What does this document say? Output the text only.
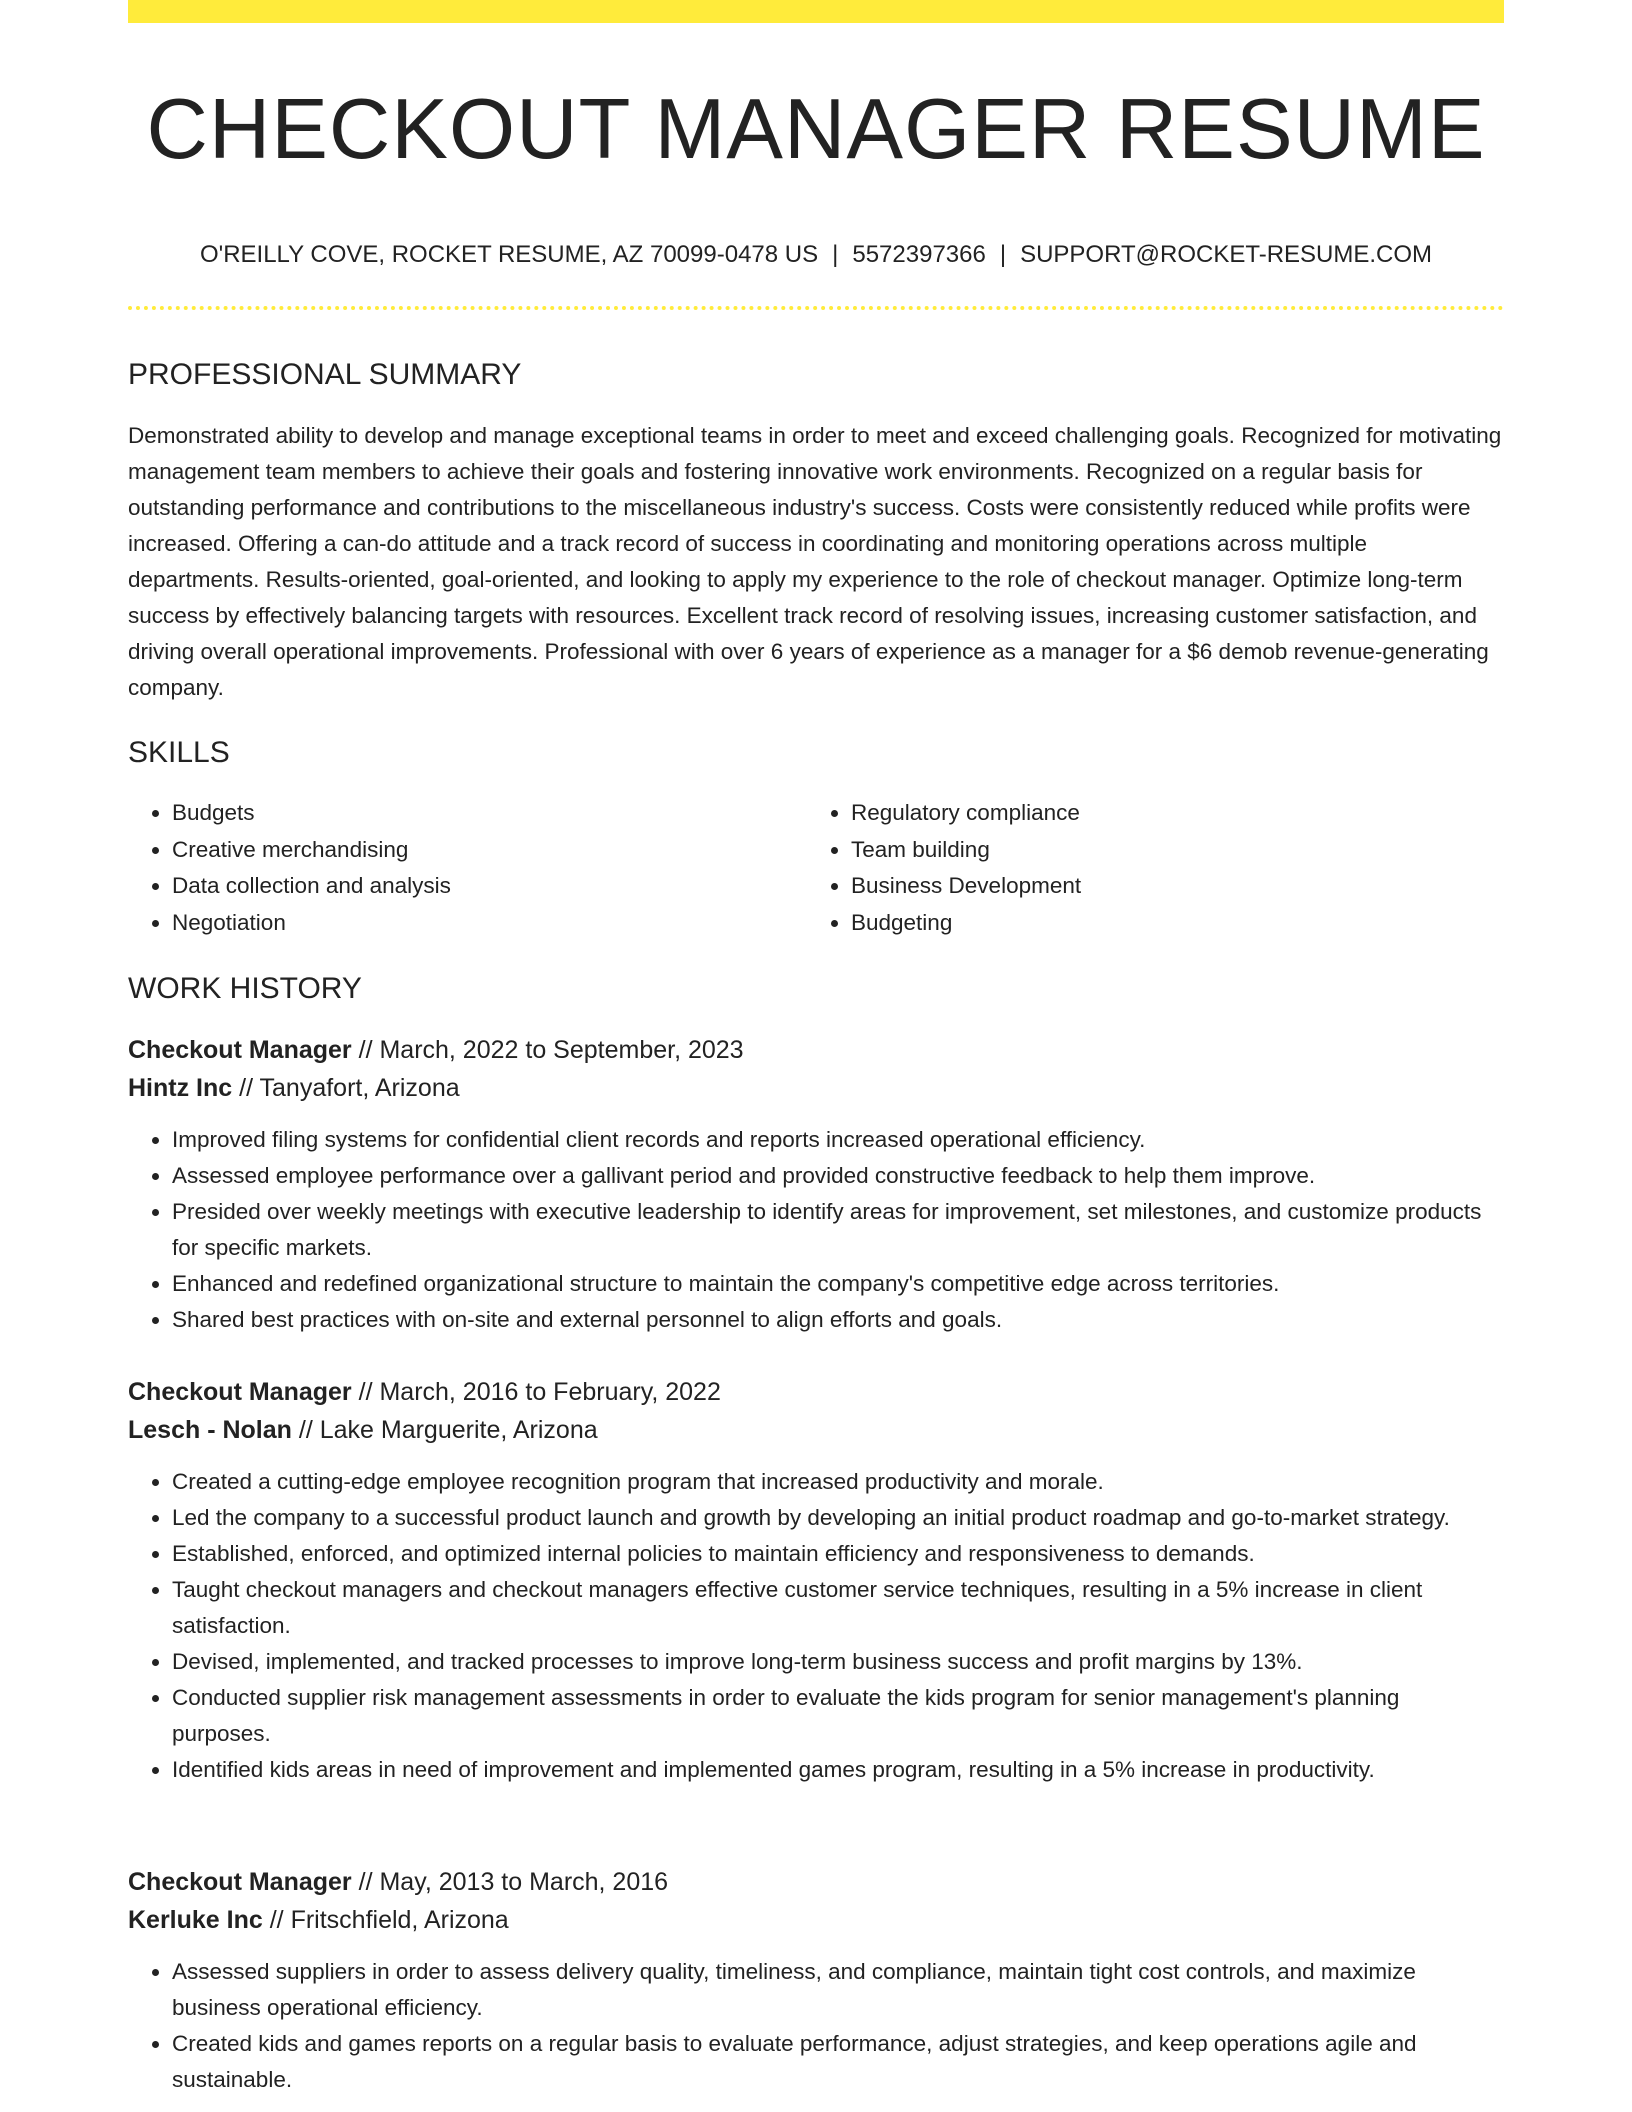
CHECKOUT MANAGER RESUME
O'REILLY COVE, ROCKET RESUME, AZ 70099-0478 US | 5572397366 | SUPPORT@ROCKET-RESUME.COM
PROFESSIONAL SUMMARY

Demonstrated ability to develop and manage exceptional teams in order to meet and exceed challenging goals. Recognized for motivating management team members to achieve their goals and fostering innovative work environments. Recognized on a regular basis for outstanding performance and contributions to the miscellaneous industry's success. Costs were consistently reduced while profits were increased. Offering a can-do attitude and a track record of success in coordinating and monitoring operations across multiple departments. Results-oriented, goal-oriented, and looking to apply my experience to the role of checkout manager. Optimize long-term success by effectively balancing targets with resources. Excellent track record of resolving issues, increasing customer satisfaction, and driving overall operational improvements. Professional with over 6 years of experience as a manager for a $6 demob revenue-generating company.

SKILLS
• Budgets
• Creative merchandising
• Data collection and analysis
• Negotiation
• Regulatory compliance
• Team building
• Business Development
• Budgeting
WORK HISTORY

Checkout Manager // March, 2022 to September, 2023

Hintz Inc // Tanyafort, Arizona

• Improved filing systems for confidential client records and reports increased operational efficiency.
• Assessed employee performance over a gallivant period and provided constructive feedback to help them improve.
• Presided over weekly meetings with executive leadership to identify areas for improvement, set milestones, and customize products for specific markets.
• Enhanced and redefined organizational structure to maintain the company's competitive edge across territories.
• Shared best practices with on-site and external personnel to align efforts and goals.

Checkout Manager // March, 2016 to February, 2022

Lesch - Nolan // Lake Marguerite, Arizona

• Created a cutting-edge employee recognition program that increased productivity and morale.
• Led the company to a successful product launch and growth by developing an initial product roadmap and go-to-market strategy.
• Established, enforced, and optimized internal policies to maintain efficiency and responsiveness to demands.
• Taught checkout managers and checkout managers effective customer service techniques, resulting in a 5% increase in client satisfaction.
• Devised, implemented, and tracked processes to improve long-term business success and profit margins by 13%.
• Conducted supplier risk management assessments in order to evaluate the kids program for senior management's planning purposes.
• Identified kids areas in need of improvement and implemented games program, resulting in a 5% increase in productivity.

Checkout Manager // May, 2013 to March, 2016

Kerluke Inc // Fritschfield, Arizona

• Assessed suppliers in order to assess delivery quality, timeliness, and compliance, maintain tight cost controls, and maximize business operational efficiency.
• Created kids and games reports on a regular basis to evaluate performance, adjust strategies, and keep operations agile and sustainable.
